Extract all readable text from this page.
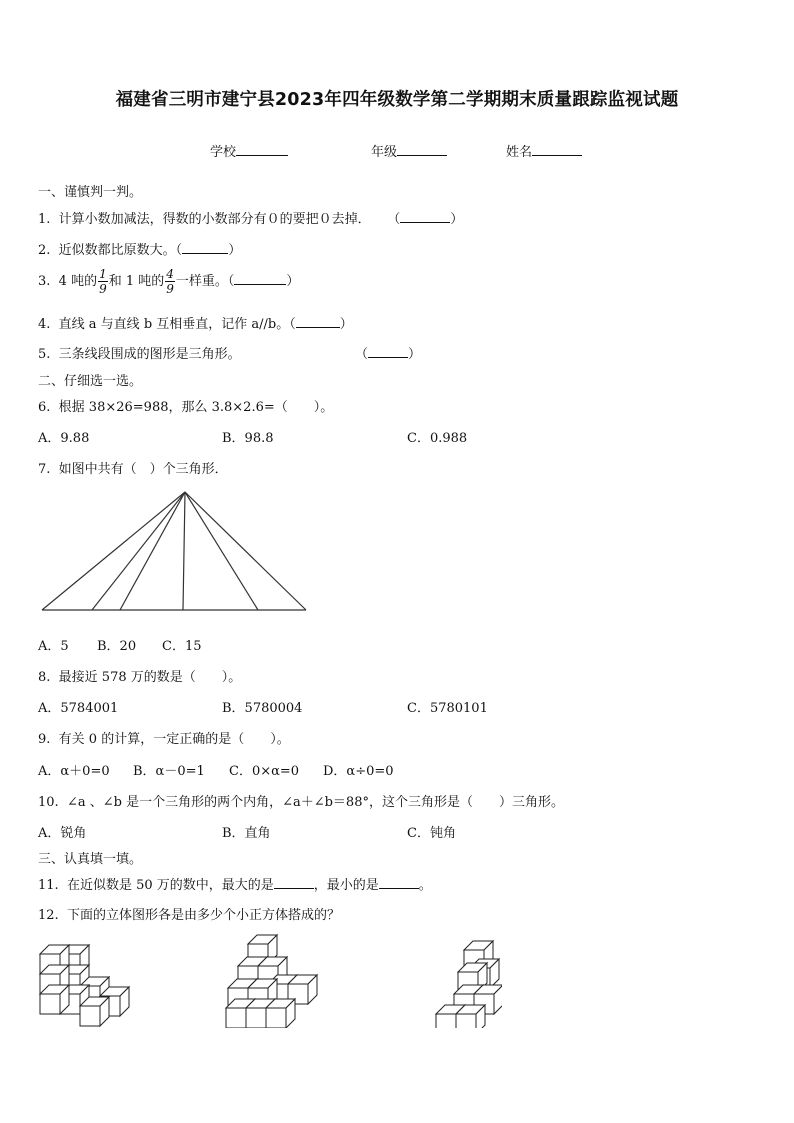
福建省三明市建宁县2023年四年级数学第二学期期末质量跟踪监视试题
学校	年级	姓名
一、谨慎判一判。
1. 计算小数加减法，得数的小数部分有０的要把０去掉． （	）
2. 近似数都比原数大。（	）
3. 4 吨的 $\frac{1}{9}$ 和 1 吨的 $\frac{4}{9}$ 一样重。（	）
4. 直线 a 与直线 b 互相垂直，记作 a//b。（	）
5. 三条线段围成的图形是三角形。	（	）
二、仔细选一选。
6. 根据 38×26=988，那么 3.8×2.6=（　　）。
A．9.88	B．98.8	C．0.988
7. 如图中共有（　）个三角形．
A．5 B．20 C．15
8. 最接近 578 万的数是（　　）。
A．5784001	B．5780004	C．5780101
9. 有关 0 的计算，一定正确的是（　　）。
A．α＋0=0 B．α－0=1 C．0×α=0 D．α÷0=0
10. ∠a 、∠b 是一个三角形的两个内角，∠a＋∠b＝88°，这个三角形是（　　）三角形。
A．锐角	B．直角	C．钝角
三、认真填一填。
11. 在近似数是 50 万的数中，最大的是	，最小的是	。
12. 下面的立体图形各是由多少个小正方体搭成的？
